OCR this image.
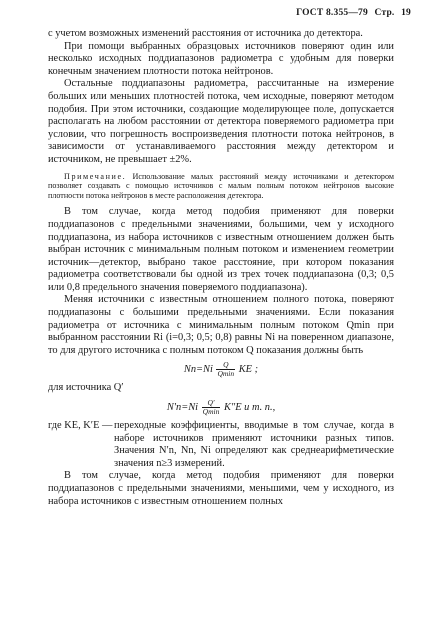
ГОСТ 8.355—79 Стр. 19

с учетом возможных изменений расстояния от источника до детектора.

При помощи выбранных образцовых источников поверяют один или несколько исходных поддиапазонов радиометра с удобным для поверки конечным значением плотности потока нейтронов.

Остальные поддиапазоны радиометра, рассчитанные на измерение больших или меньших плотностей потока, чем исходные, поверяют методом подобия. При этом источники, создающие моделирующее поле, допускается располагать на любом расстоянии от детектора поверяемого радиометра при условии, что погрешность воспроизведения плотности потока нейтронов, в зависимости от устанавливаемого расстояния между детектором и источником, не превышает ±2%.

Примечание. Использование малых расстояний между источниками и детектором позволяет создавать с помощью источников с малым полным потоком нейтронов высокие плотности потока нейтронов в месте расположения детектора.

В том случае, когда метод подобия применяют для поверки поддиапазонов с предельными значениями, большими, чем у исходного поддиапазона, из набора источников с известным отношением должен быть выбран источник с минимальным полным потоком и изменением геометрии источник—детектор, выбрано такое расстояние, при котором показания радиометра соответствовали бы одной из трех точек поддиапазона (0,3; 0,5 или 0,8 предельного значения поверяемого поддиапазона).

Меняя источники с известным отношением полного потока, поверяют поддиапазоны с большими предельными значениями. Если показания радиометра от источника с минимальным полным потоком Qmin при выбранном расстоянии Ri (i=0,3; 0,5; 0,8) равны Ni на поверенном диапазоне, то для другого источника с полным потоком Q показания должны быть

$Nn=Ni \frac{Q}{Qmin}$ KE ;

для источника Q′

$N'n=Ni \frac{Q'}{Qmin} K''E$ и т. п.,
где KE, K′E — переходные коэффициенты, вводимые в том случае, когда в наборе источников применяют источники разных типов. Значения N′n, Nn, Ni определяют как среднеарифметические значения n≥3 измерений.

В том случае, когда метод подобия применяют для поверки поддиапазонов с предельными значениями, меньшими, чем у исходного, из набора источников с известным отношением полных
